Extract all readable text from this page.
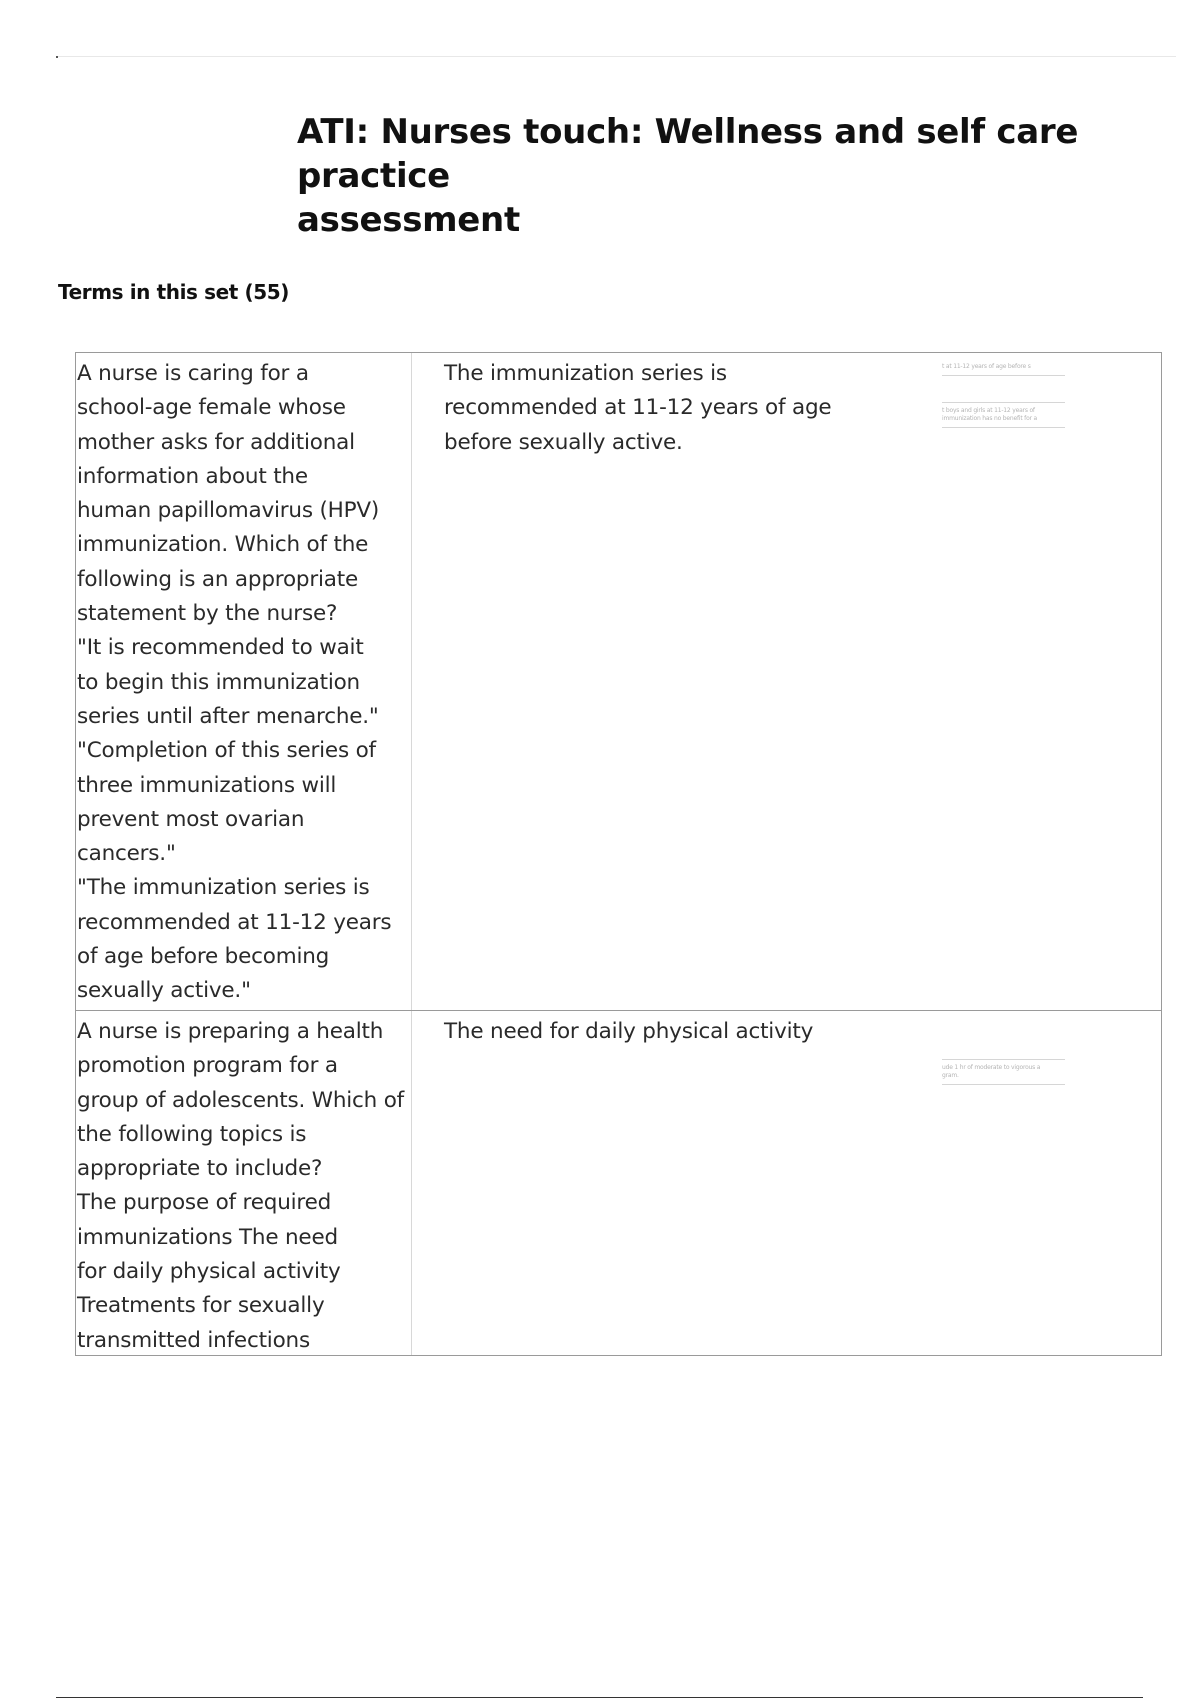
ATI: Nurses touch: Wellness and self care practice
assessment
Terms in this set (55)
A nurse is caring for a
school-age female whose
mother asks for additional
information about the
human papillomavirus (HPV)
immunization. Which of the
following is an appropriate
statement by the nurse?
"It is recommended to wait
to begin this immunization
series until after menarche."
"Completion of this series of
three immunizations will
prevent most ovarian
cancers."
"The immunization series is
recommended at 11-12 years
of age before becoming
sexually active."
The immunization series is
recommended at 11-12 years of age
before sexually active.
t at 11-12 years of age before s
t boys and girls at 11-12 years of
immunization has no benefit for a
A nurse is preparing a health
promotion program for a
group of adolescents. Which of
the following topics is
appropriate to include?
The purpose of required
immunizations The need
for daily physical activity
Treatments for sexually
transmitted infections
The need for daily physical activity
ude 1 hr of moderate to vigorous a
gram.
